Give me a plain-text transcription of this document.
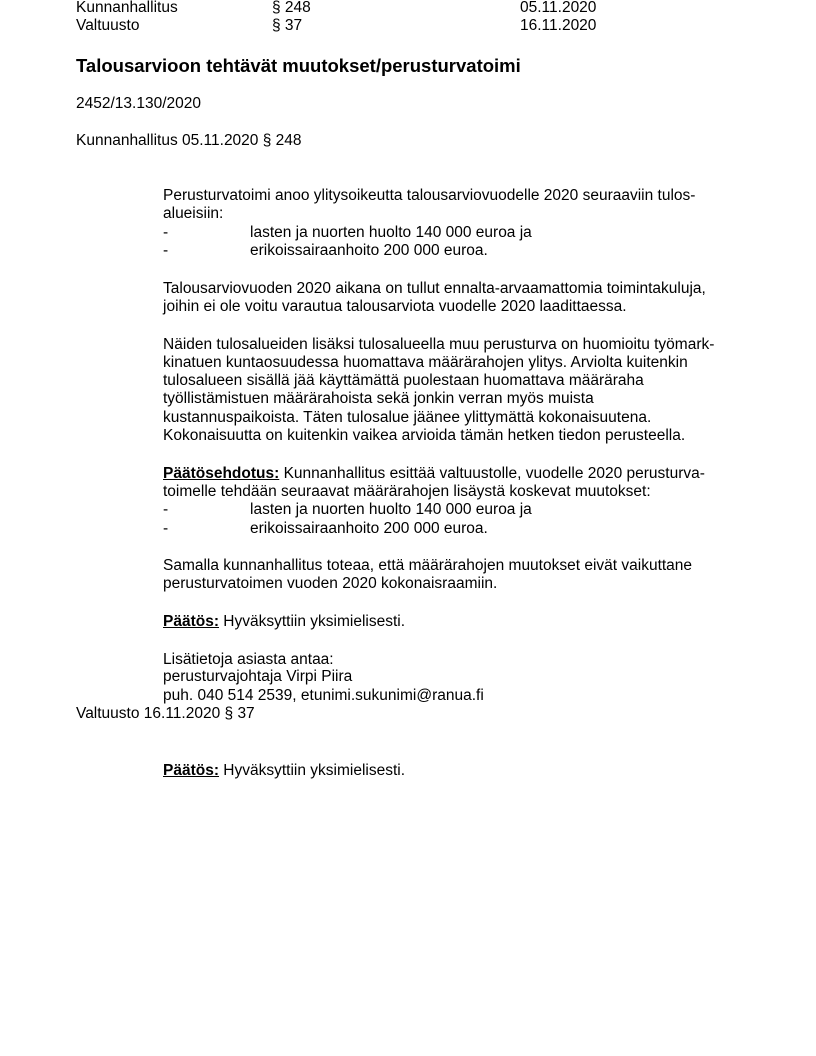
Kunnanhallitus	§ 248	05.11.2020
Valtuusto	§ 37	16.11.2020
Talousarvioon tehtävät muutokset/perusturvatoimi
2452/13.130/2020
Kunnanhallitus 05.11.2020 § 248
Perusturvatoimi anoo ylitysoikeutta talousarviovuodelle 2020 seuraaviin tulos-
alueisiin:
-	lasten ja nuorten huolto 140 000 euroa ja
-	erikoissairaanhoito 200 000 euroa.
Talousarviovuoden 2020 aikana on tullut ennalta-arvaamattomia toimintakuluja,
joihin ei ole voitu varautua talousarviota vuodelle 2020 laadittaessa.
Näiden tulosalueiden lisäksi tulosalueella muu perusturva on huomioitu työmark-
kinatuen kuntaosuudessa huomattava määrärahojen ylitys. Arviolta kuitenkin
tulosalueen sisällä jää käyttämättä puolestaan huomattava määräraha
työllistämistuen määrärahoista sekä jonkin verran myös muista
kustannuspaikoista. Täten tulosalue jäänee ylittymättä kokonaisuutena.
Kokonaisuutta on kuitenkin vaikea arvioida tämän hetken tiedon perusteella.
Päätösehdotus: Kunnanhallitus esittää valtuustolle, vuodelle 2020 perusturva-
toimelle tehdään seuraavat määrärahojen lisäystä koskevat muutokset:
-	lasten ja nuorten huolto 140 000 euroa ja
-	erikoissairaanhoito 200 000 euroa.
Samalla kunnanhallitus toteaa, että määrärahojen muutokset eivät vaikuttane
perusturvatoimen vuoden 2020 kokonaisraamiin.
Päätös: Hyväksyttiin yksimielisesti.
Lisätietoja asiasta antaa:
perusturvajohtaja Virpi Piira
puh. 040 514 2539, etunimi.sukunimi@ranua.fi
Valtuusto 16.11.2020 § 37
Päätös: Hyväksyttiin yksimielisesti.
